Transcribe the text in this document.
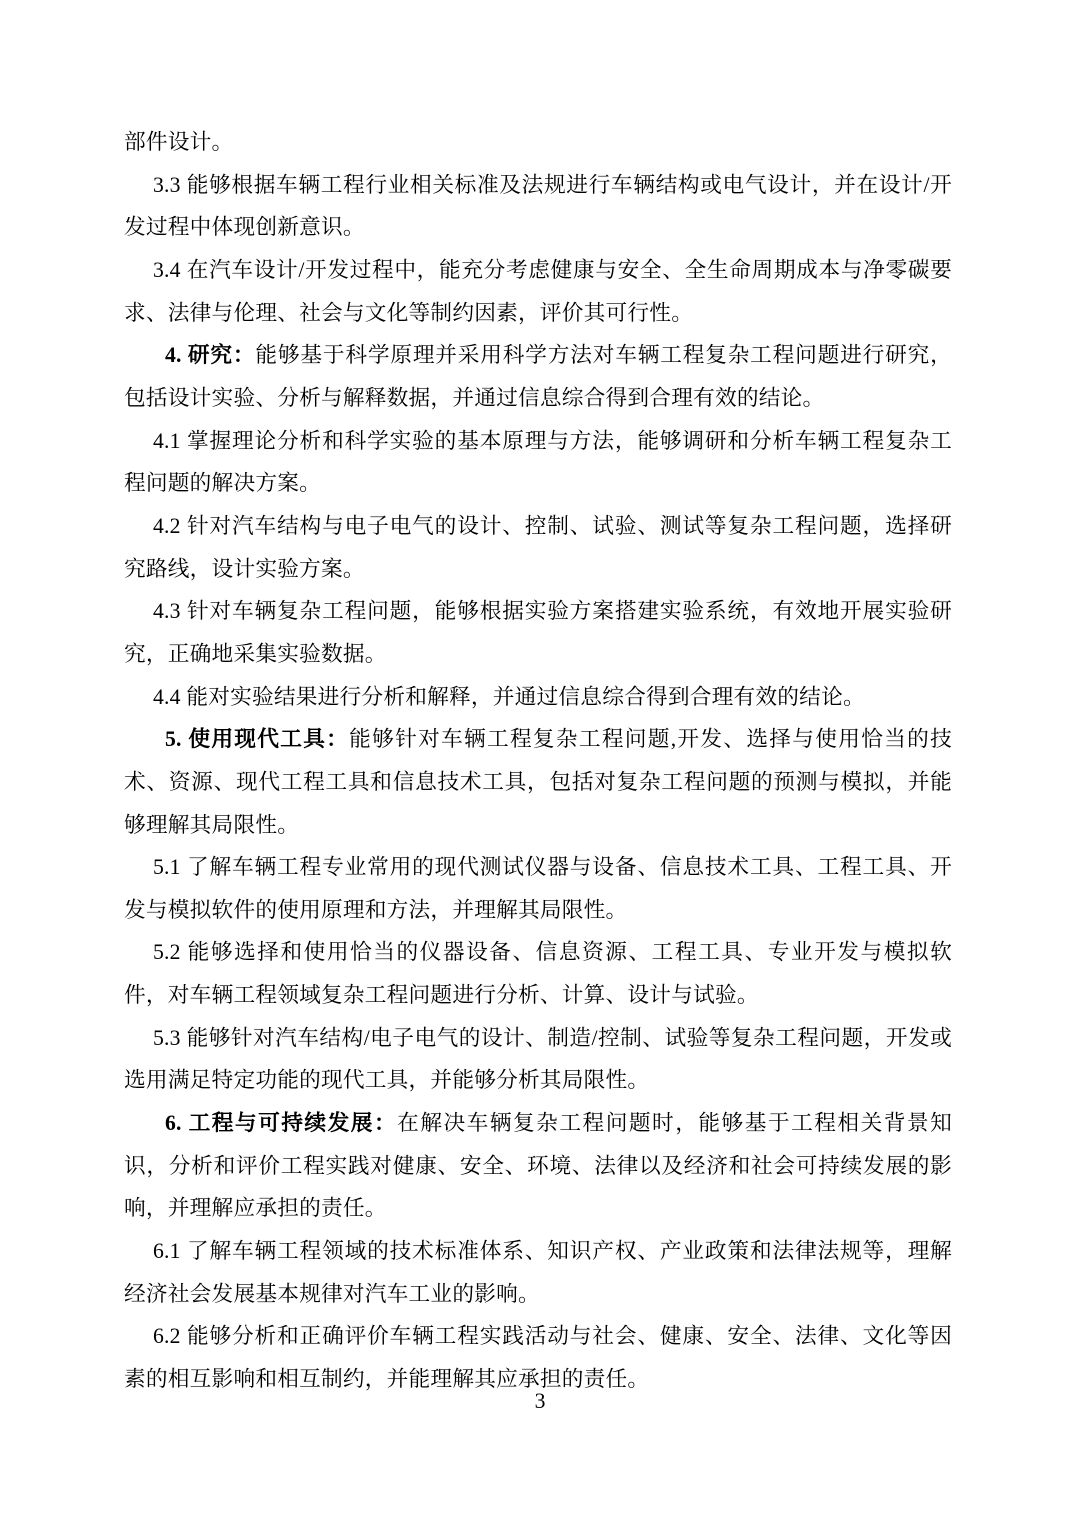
部件设计。

3.3 能够根据车辆工程行业相关标准及法规进行车辆结构或电气设计，并在设计/开发过程中体现创新意识。

3.4 在汽车设计/开发过程中，能充分考虑健康与安全、全生命周期成本与净零碳要求、法律与伦理、社会与文化等制约因素，评价其可行性。

4. 研究：能够基于科学原理并采用科学方法对车辆工程复杂工程问题进行研究，包括设计实验、分析与解释数据，并通过信息综合得到合理有效的结论。

4.1 掌握理论分析和科学实验的基本原理与方法，能够调研和分析车辆工程复杂工程问题的解决方案。

4.2 针对汽车结构与电子电气的设计、控制、试验、测试等复杂工程问题，选择研究路线，设计实验方案。

4.3 针对车辆复杂工程问题，能够根据实验方案搭建实验系统，有效地开展实验研究，正确地采集实验数据。

4.4 能对实验结果进行分析和解释，并通过信息综合得到合理有效的结论。

5. 使用现代工具：能够针对车辆工程复杂工程问题,开发、选择与使用恰当的技术、资源、现代工程工具和信息技术工具，包括对复杂工程问题的预测与模拟，并能够理解其局限性。

5.1 了解车辆工程专业常用的现代测试仪器与设备、信息技术工具、工程工具、开发与模拟软件的使用原理和方法，并理解其局限性。

5.2 能够选择和使用恰当的仪器设备、信息资源、工程工具、专业开发与模拟软件，对车辆工程领域复杂工程问题进行分析、计算、设计与试验。

5.3 能够针对汽车结构/电子电气的设计、制造/控制、试验等复杂工程问题，开发或选用满足特定功能的现代工具，并能够分析其局限性。

6. 工程与可持续发展：在解决车辆复杂工程问题时，能够基于工程相关背景知识，分析和评价工程实践对健康、安全、环境、法律以及经济和社会可持续发展的影响，并理解应承担的责任。

6.1 了解车辆工程领域的技术标准体系、知识产权、产业政策和法律法规等，理解经济社会发展基本规律对汽车工业的影响。

6.2 能够分析和正确评价车辆工程实践活动与社会、健康、安全、法律、文化等因素的相互影响和相互制约，并能理解其应承担的责任。

3
